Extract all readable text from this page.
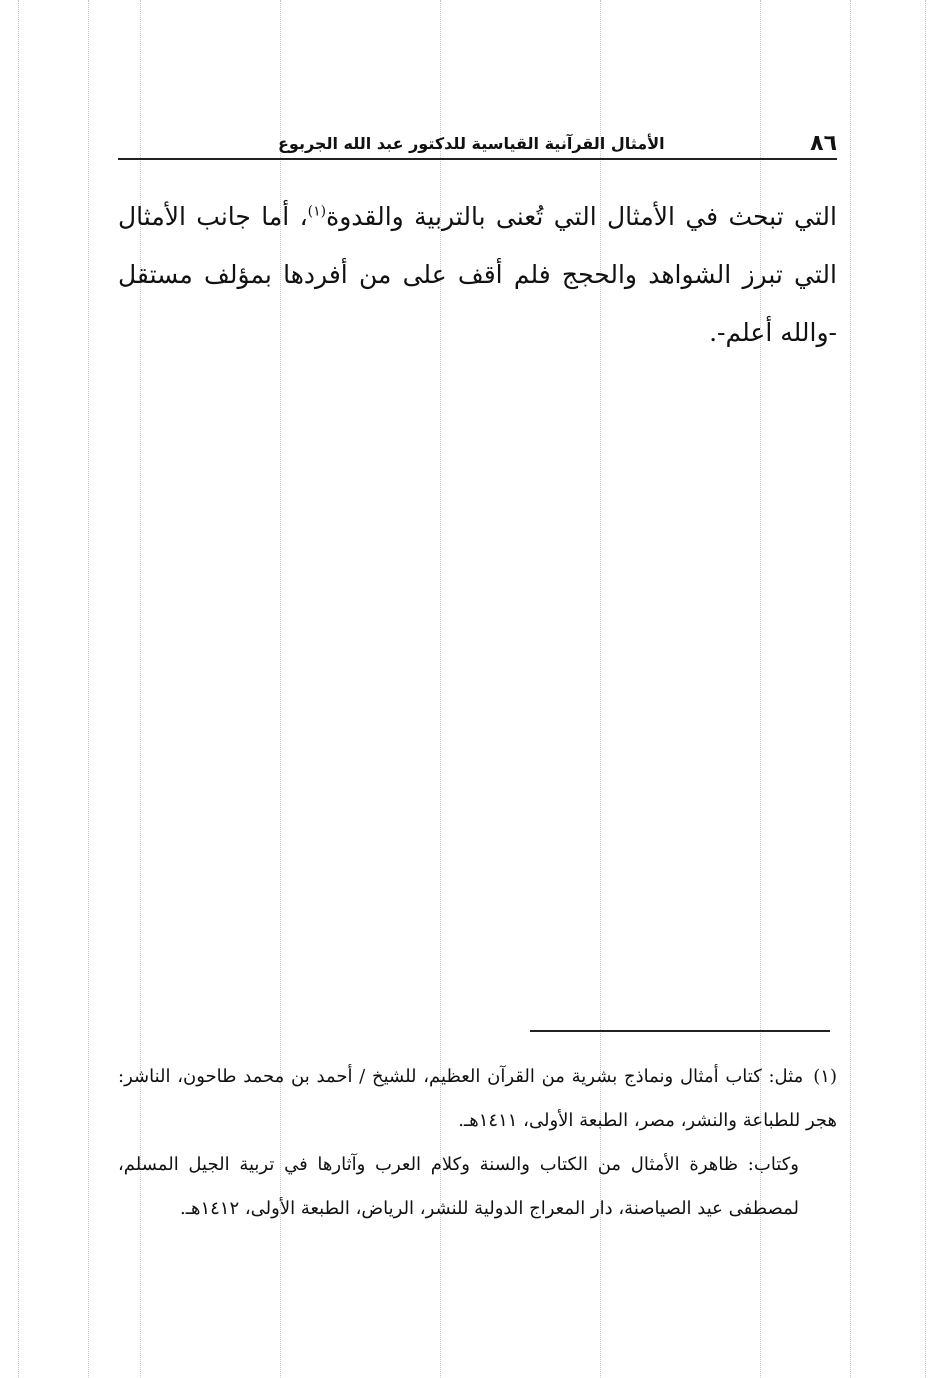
٨٦
الأمثال القرآنية القياسية للدكتور عبد الله الجربوع

التي تبحث في الأمثال التي تُعنى بالتربية والقدوة$^{(١)}$، أما جانب الأمثال التي تبرز الشواهد والحجج فلم أقف على من أفردها بمؤلف مستقل -والله أعلم-.

(١)مثل: كتاب أمثال ونماذج بشرية من القرآن العظيم، للشيخ / أحمد بن محمد طاحون، الناشر: هجر للطباعة والنشر، مصر، الطبعة الأولى، ١٤١١هـ.

وكتاب: ظاهرة الأمثال من الكتاب والسنة وكلام العرب وآثارها في تربية الجيل المسلم، لمصطفى عيد الصياصنة، دار المعراج الدولية للنشر، الرياض، الطبعة الأولى، ١٤١٢هـ.
